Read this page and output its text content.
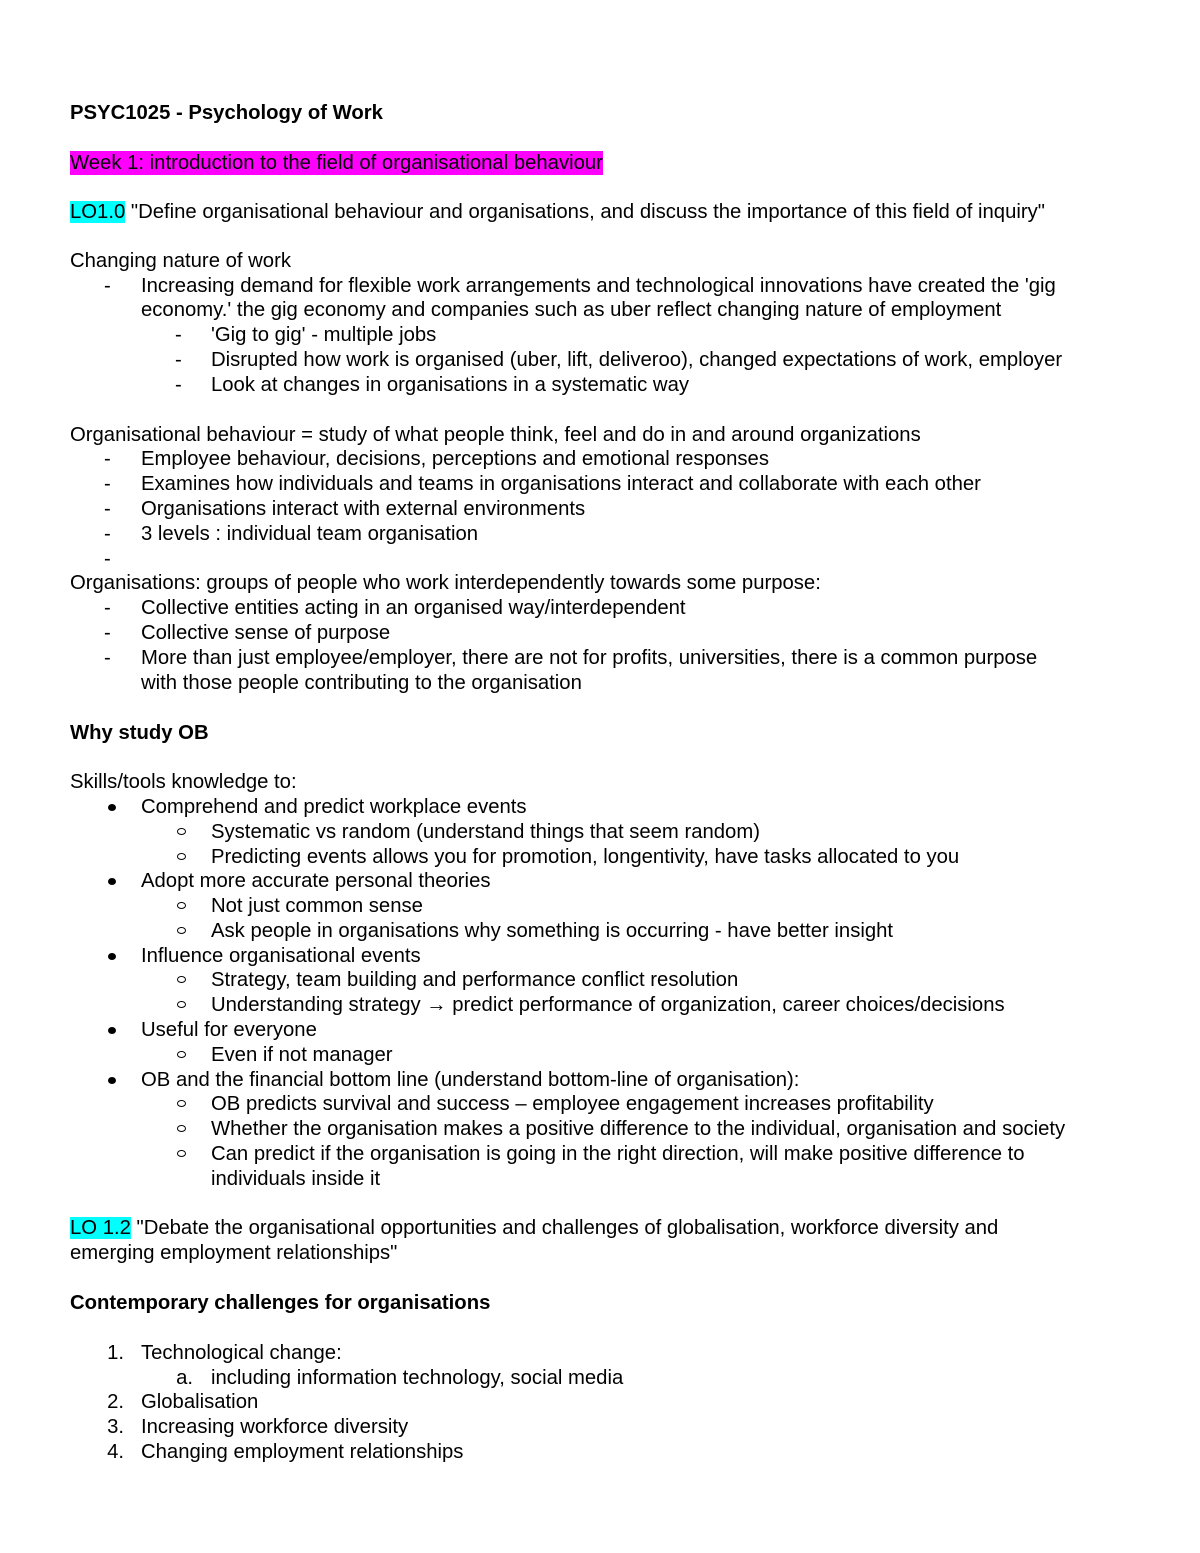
PSYC1025 - Psychology of Work
Week 1: introduction to the field of organisational behaviour
LO1.0 "Define organisational behaviour and organisations, and discuss the importance of this field of inquiry"
Changing nature of work
- Increasing demand for flexible work arrangements and technological innovations have created the 'gig
economy.' the gig economy and companies such as uber reflect changing nature of employment
- 'Gig to gig' - multiple jobs
- Disrupted how work is organised (uber, lift, deliveroo), changed expectations of work, employer
- Look at changes in organisations in a systematic way
Organisational behaviour = study of what people think, feel and do in and around organizations
- Employee behaviour, decisions, perceptions and emotional responses
- Examines how individuals and teams in organisations interact and collaborate with each other
- Organisations interact with external environments
- 3 levels : individual team organisation
-
Organisations: groups of people who work interdependently towards some purpose:
- Collective entities acting in an organised way/interdependent
- Collective sense of purpose
- More than just employee/employer, there are not for profits, universities, there is a common purpose
with those people contributing to the organisation
Why study OB
Skills/tools knowledge to:
Comprehend and predict workplace events
Systematic vs random (understand things that seem random)
Predicting events allows you for promotion, longentivity, have tasks allocated to you
Adopt more accurate personal theories
Not just common sense
Ask people in organisations why something is occurring - have better insight
Influence organisational events
Strategy, team building and performance conflict resolution
Understanding strategy → predict performance of organization, career choices/decisions
Useful for everyone
Even if not manager
OB and the financial bottom line (understand bottom-line of organisation):
OB predicts survival and success – employee engagement increases profitability
Whether the organisation makes a positive difference to the individual, organisation and society
Can predict if the organisation is going in the right direction, will make positive difference to
individuals inside it
LO 1.2 "Debate the organisational opportunities and challenges of globalisation, workforce diversity and
emerging employment relationships"
Contemporary challenges for organisations
1. Technological change:
a. including information technology, social media
2. Globalisation
3. Increasing workforce diversity
4. Changing employment relationships
